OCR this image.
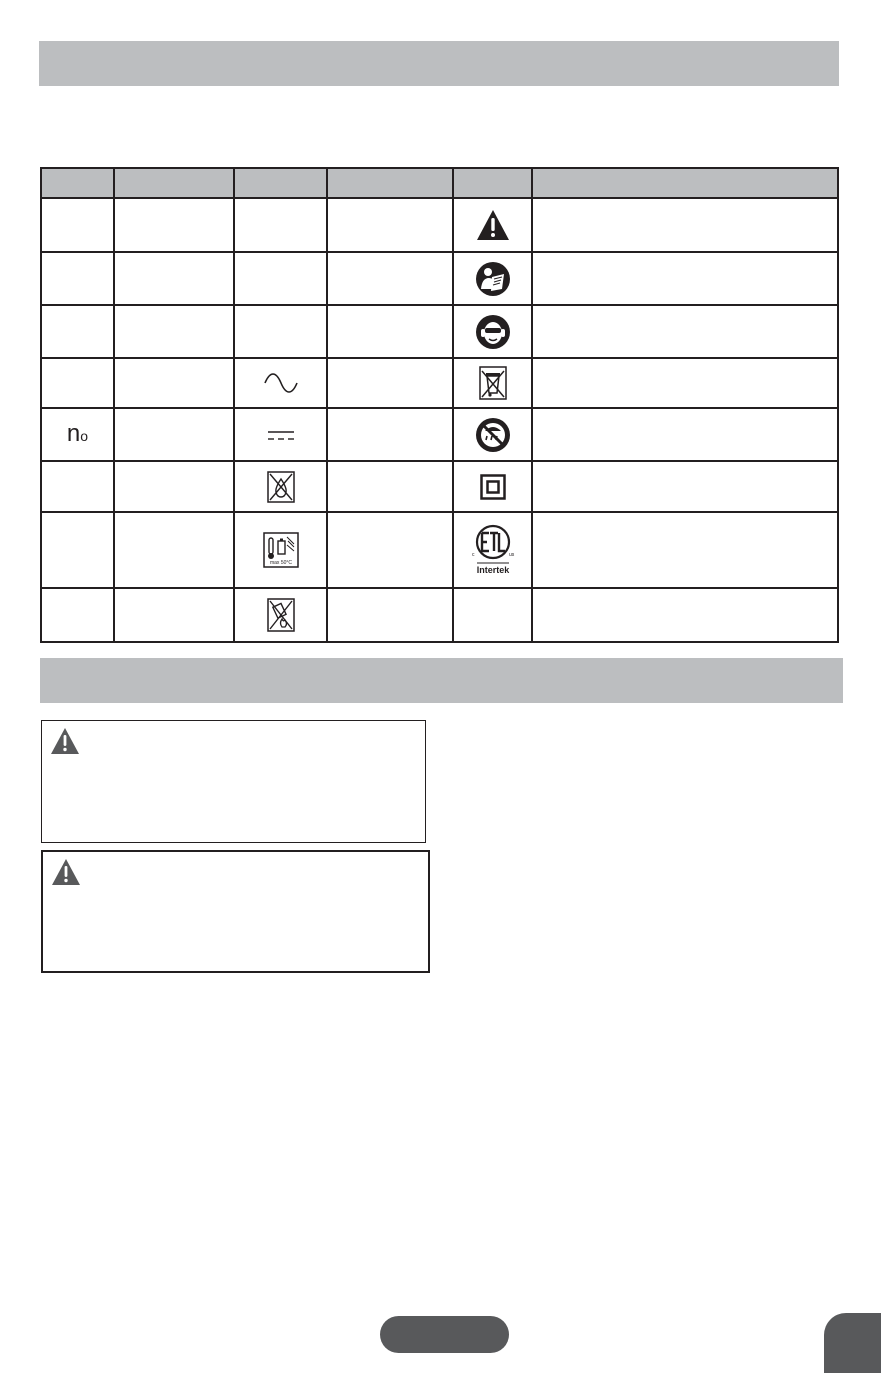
no		

max 50°C		c us
Intertek	
